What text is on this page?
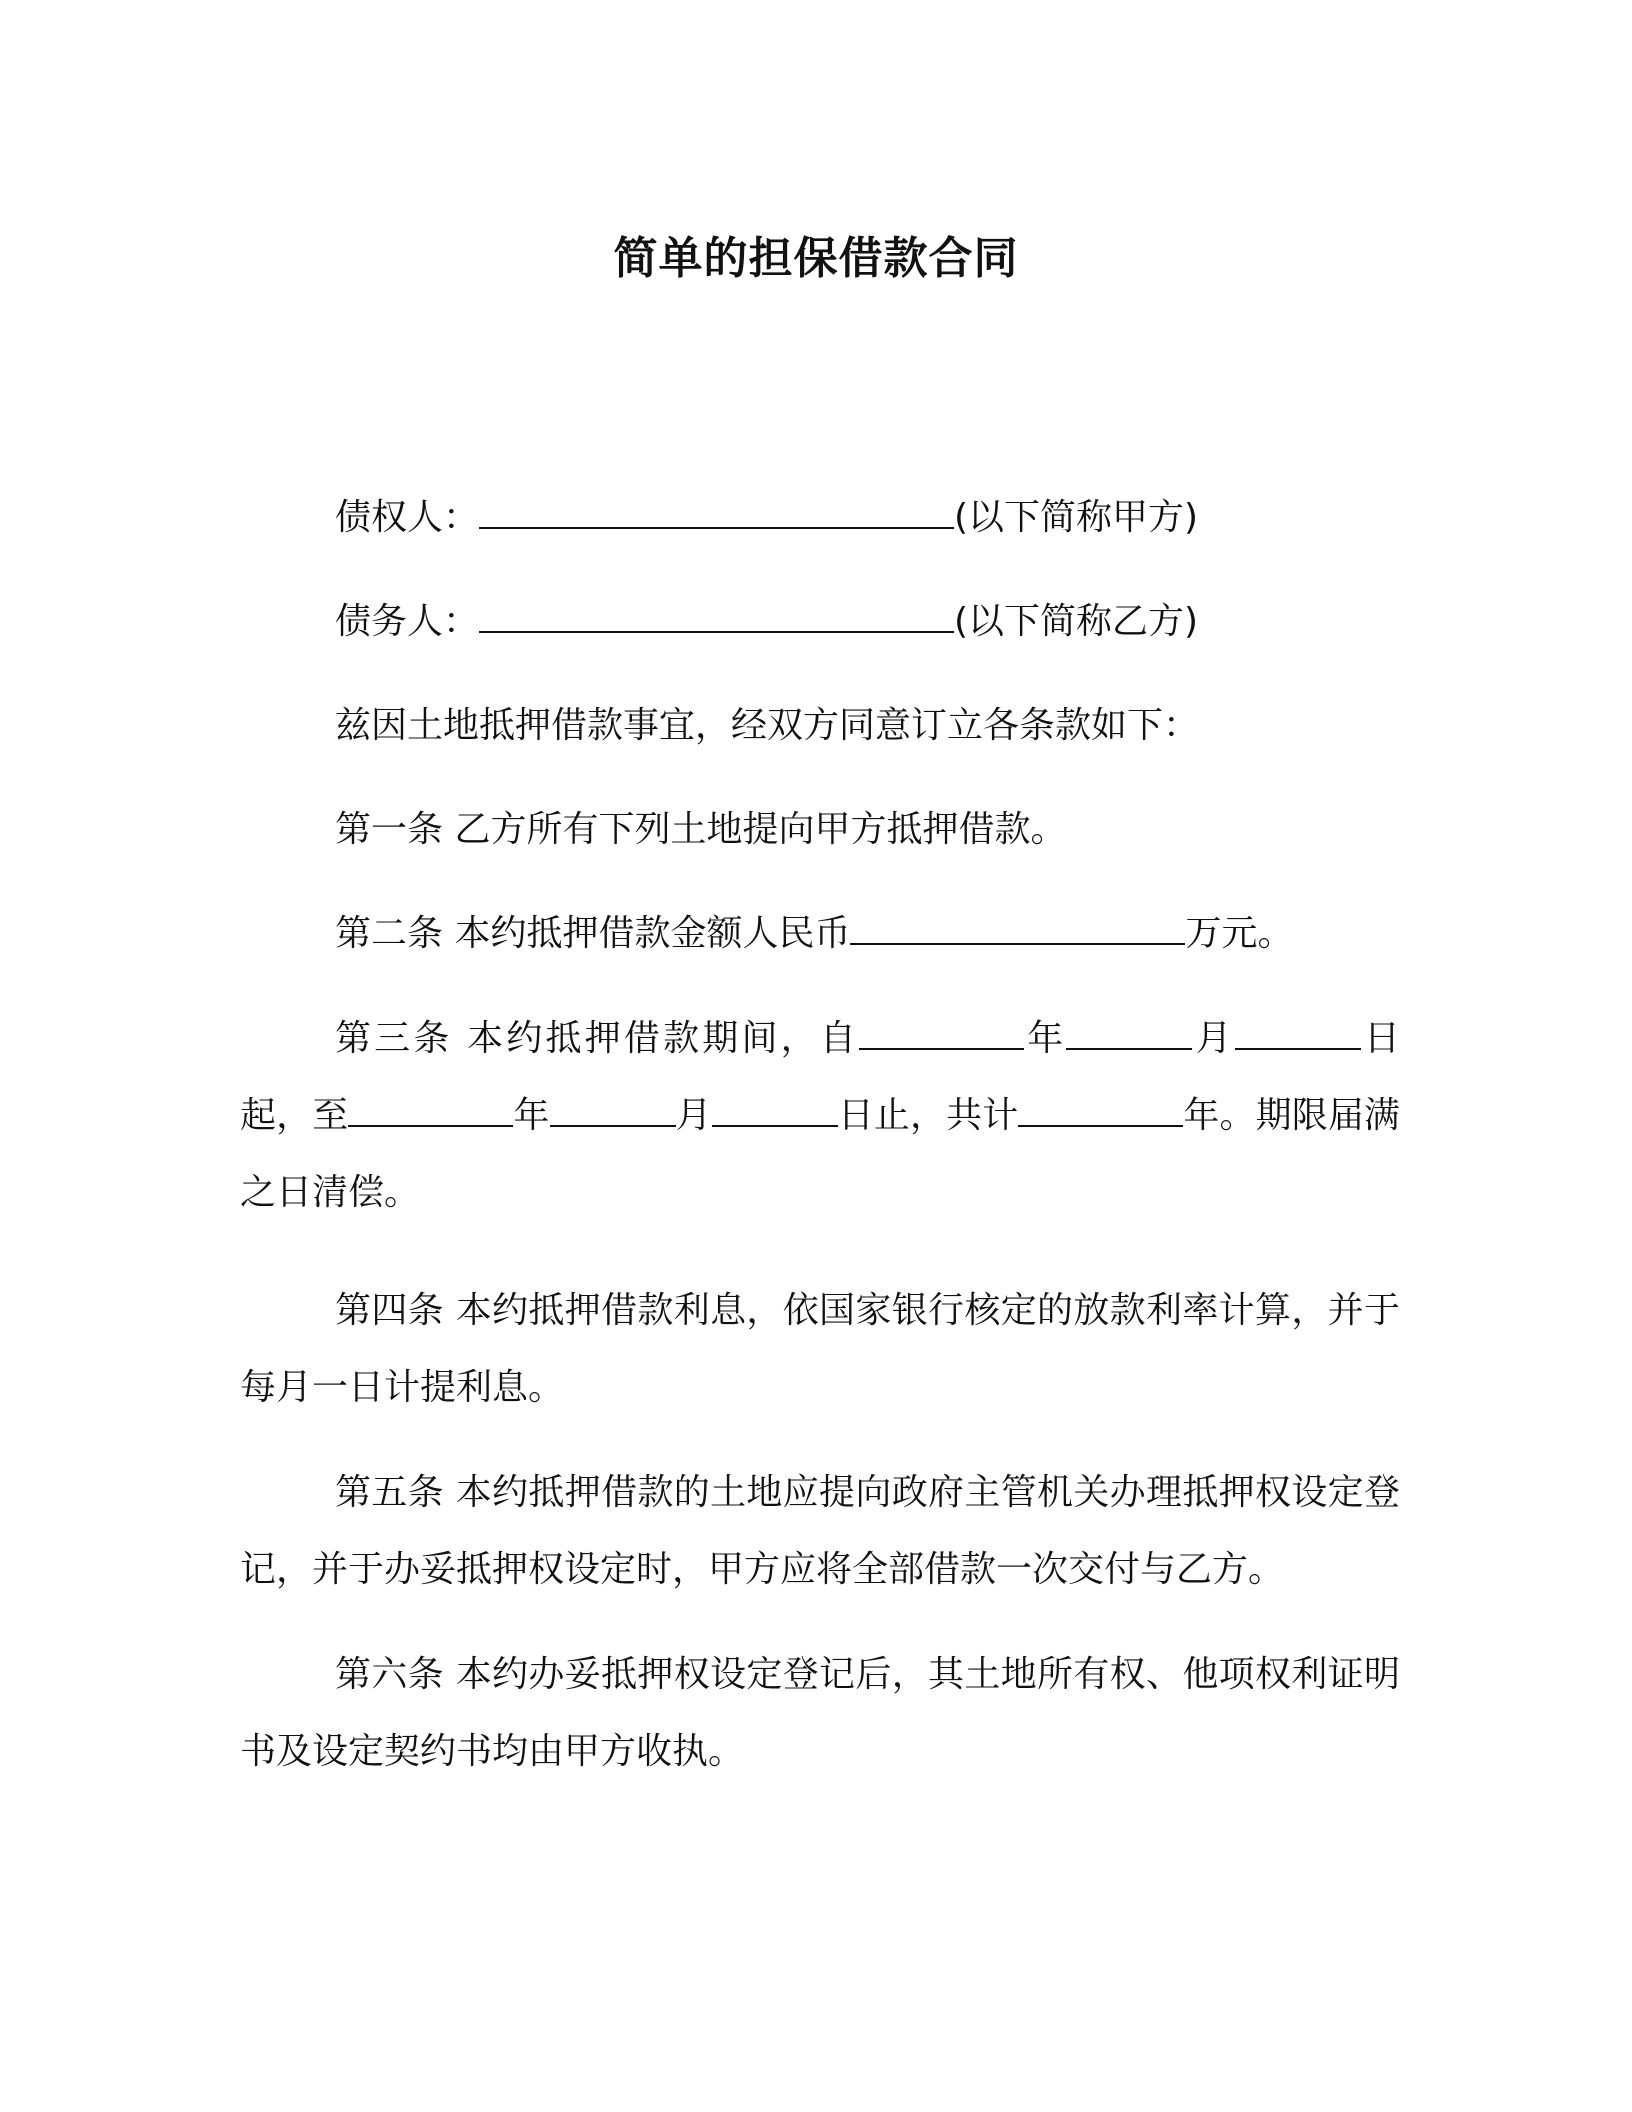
简单的担保借款合同

债权人：	(以下简称甲方)

债务人：	(以下简称乙方)

兹因土地抵押借款事宜，经双方同意订立各条款如下：

第一条 乙方所有下列土地提向甲方抵押借款。

第二条 本约抵押借款金额人民币	万元。

第三条 本约抵押借款期间，自	年	月	日起，至	年	月	日止，共计	年。期限届满之日清偿。

第四条 本约抵押借款利息，依国家银行核定的放款利率计算，并于每月一日计提利息。

第五条 本约抵押借款的土地应提向政府主管机关办理抵押权设定登记，并于办妥抵押权设定时，甲方应将全部借款一次交付与乙方。

第六条 本约办妥抵押权设定登记后，其土地所有权、他项权利证明书及设定契约书均由甲方收执。
